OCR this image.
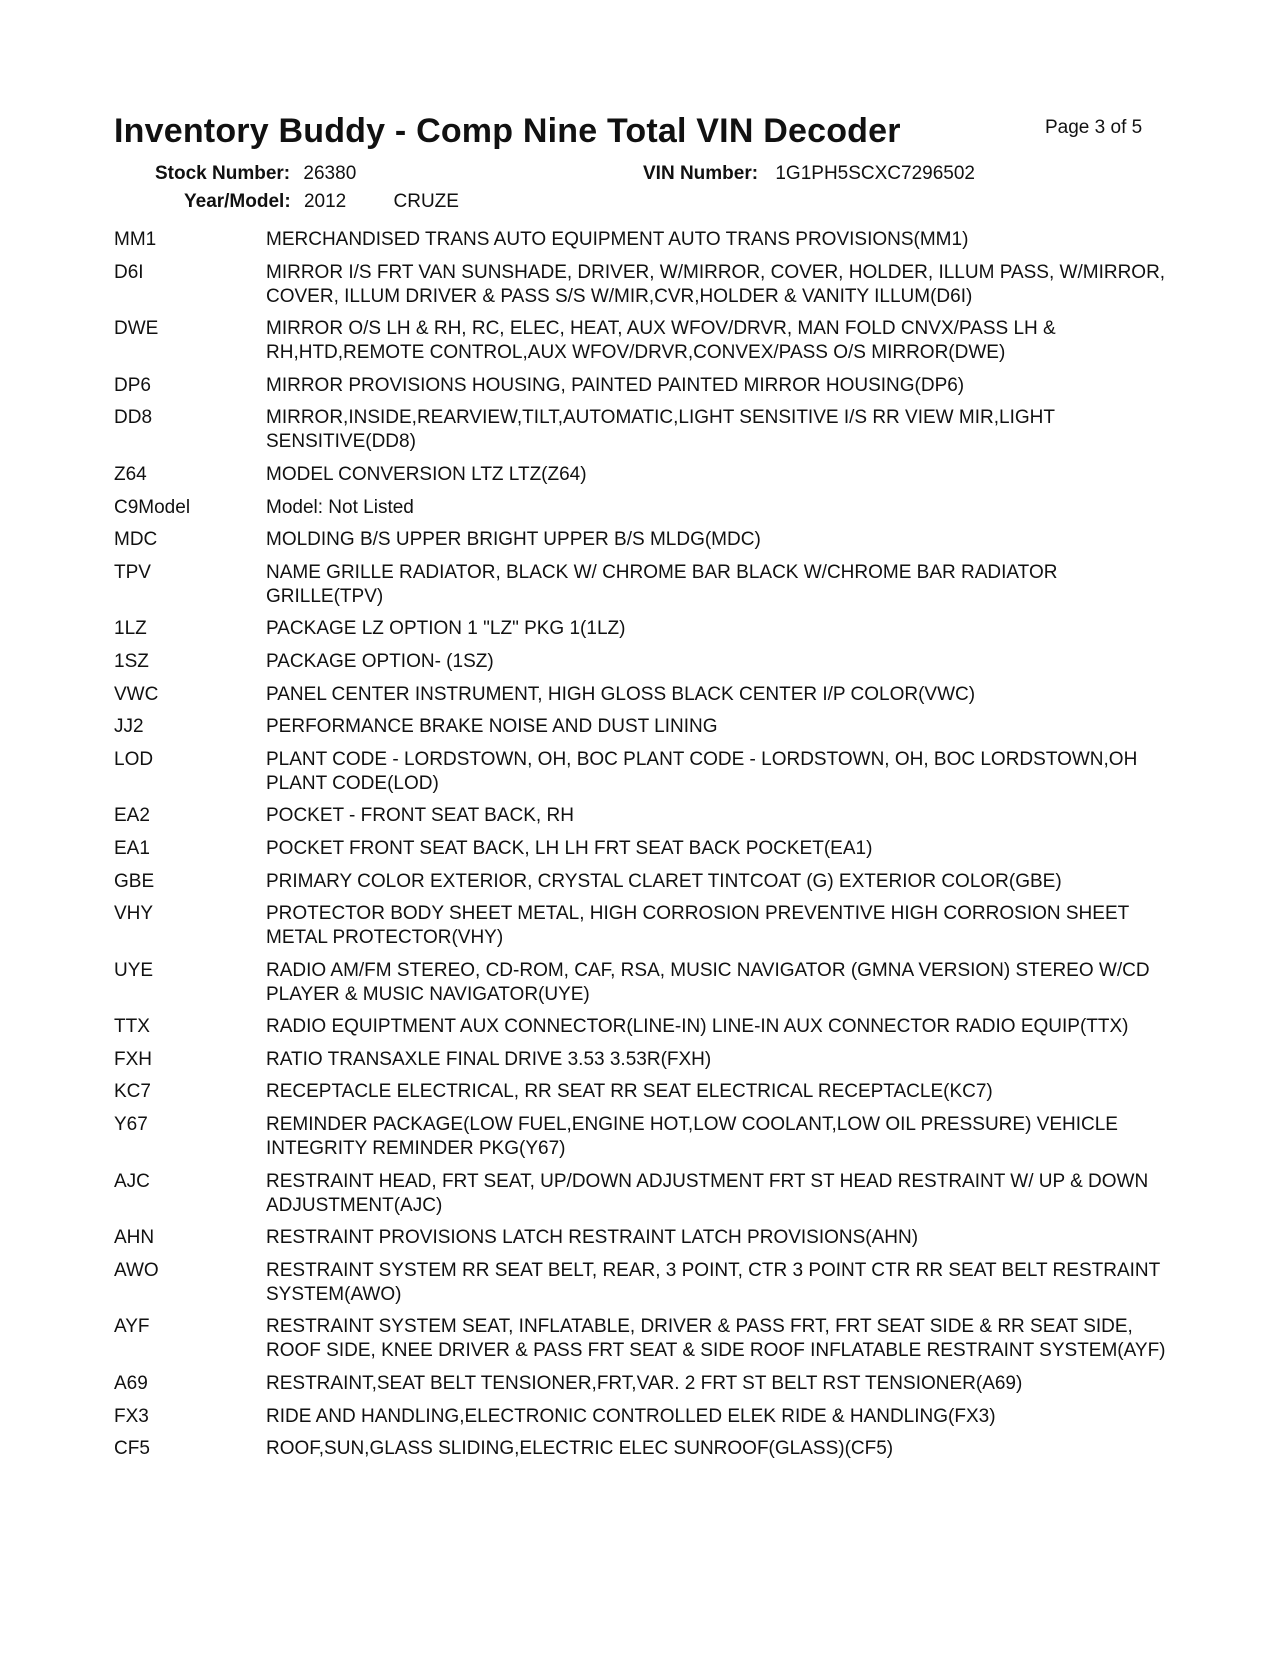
Inventory Buddy - Comp Nine Total VIN Decoder	Page 3 of 5
Stock Number: 26380	VIN Number: 1G1PH5SCXC7296502
Year/Model: 2012 CRUZE
MM1	MERCHANDISED TRANS AUTO EQUIPMENT AUTO TRANS PROVISIONS(MM1)
D6I	MIRROR I/S FRT VAN SUNSHADE, DRIVER, W/MIRROR, COVER, HOLDER, ILLUM PASS, W/MIRROR, COVER, ILLUM DRIVER & PASS S/S W/MIR,CVR,HOLDER & VANITY ILLUM(D6I)
DWE	MIRROR O/S LH & RH, RC, ELEC, HEAT, AUX WFOV/DRVR, MAN FOLD CNVX/PASS LH & RH,HTD,REMOTE CONTROL,AUX WFOV/DRVR,CONVEX/PASS O/S MIRROR(DWE)
DP6	MIRROR PROVISIONS HOUSING, PAINTED PAINTED MIRROR HOUSING(DP6)
DD8	MIRROR,INSIDE,REARVIEW,TILT,AUTOMATIC,LIGHT SENSITIVE I/S RR VIEW MIR,LIGHT SENSITIVE(DD8)
Z64	MODEL CONVERSION LTZ LTZ(Z64)
C9Model	Model: Not Listed
MDC	MOLDING B/S UPPER BRIGHT UPPER B/S MLDG(MDC)
TPV	NAME GRILLE RADIATOR, BLACK W/ CHROME BAR BLACK W/CHROME BAR RADIATOR GRILLE(TPV)
1LZ	PACKAGE LZ OPTION 1 "LZ" PKG 1(1LZ)
1SZ	PACKAGE OPTION- (1SZ)
VWC	PANEL CENTER INSTRUMENT, HIGH GLOSS BLACK CENTER I/P COLOR(VWC)
JJ2	PERFORMANCE BRAKE NOISE AND DUST LINING
LOD	PLANT CODE - LORDSTOWN, OH, BOC PLANT CODE - LORDSTOWN, OH, BOC LORDSTOWN,OH PLANT CODE(LOD)
EA2	POCKET - FRONT SEAT BACK, RH
EA1	POCKET FRONT SEAT BACK, LH LH FRT SEAT BACK POCKET(EA1)
GBE	PRIMARY COLOR EXTERIOR, CRYSTAL CLARET TINTCOAT (G) EXTERIOR COLOR(GBE)
VHY	PROTECTOR BODY SHEET METAL, HIGH CORROSION PREVENTIVE HIGH CORROSION SHEET METAL PROTECTOR(VHY)
UYE	RADIO AM/FM STEREO, CD-ROM, CAF, RSA, MUSIC NAVIGATOR (GMNA VERSION) STEREO W/CD PLAYER & MUSIC NAVIGATOR(UYE)
TTX	RADIO EQUIPTMENT AUX CONNECTOR(LINE-IN) LINE-IN AUX CONNECTOR RADIO EQUIP(TTX)
FXH	RATIO TRANSAXLE FINAL DRIVE 3.53 3.53R(FXH)
KC7	RECEPTACLE ELECTRICAL, RR SEAT RR SEAT ELECTRICAL RECEPTACLE(KC7)
Y67	REMINDER PACKAGE(LOW FUEL,ENGINE HOT,LOW COOLANT,LOW OIL PRESSURE) VEHICLE INTEGRITY REMINDER PKG(Y67)
AJC	RESTRAINT HEAD, FRT SEAT, UP/DOWN ADJUSTMENT FRT ST HEAD RESTRAINT W/ UP & DOWN ADJUSTMENT(AJC)
AHN	RESTRAINT PROVISIONS LATCH RESTRAINT LATCH PROVISIONS(AHN)
AWO	RESTRAINT SYSTEM RR SEAT BELT, REAR, 3 POINT, CTR 3 POINT CTR RR SEAT BELT RESTRAINT SYSTEM(AWO)
AYF	RESTRAINT SYSTEM SEAT, INFLATABLE, DRIVER & PASS FRT, FRT SEAT SIDE & RR SEAT SIDE, ROOF SIDE, KNEE DRIVER & PASS FRT SEAT & SIDE ROOF INFLATABLE RESTRAINT SYSTEM(AYF)
A69	RESTRAINT,SEAT BELT TENSIONER,FRT,VAR. 2 FRT ST BELT RST TENSIONER(A69)
FX3	RIDE AND HANDLING,ELECTRONIC CONTROLLED ELEK RIDE & HANDLING(FX3)
CF5	ROOF,SUN,GLASS SLIDING,ELECTRIC ELEC SUNROOF(GLASS)(CF5)
